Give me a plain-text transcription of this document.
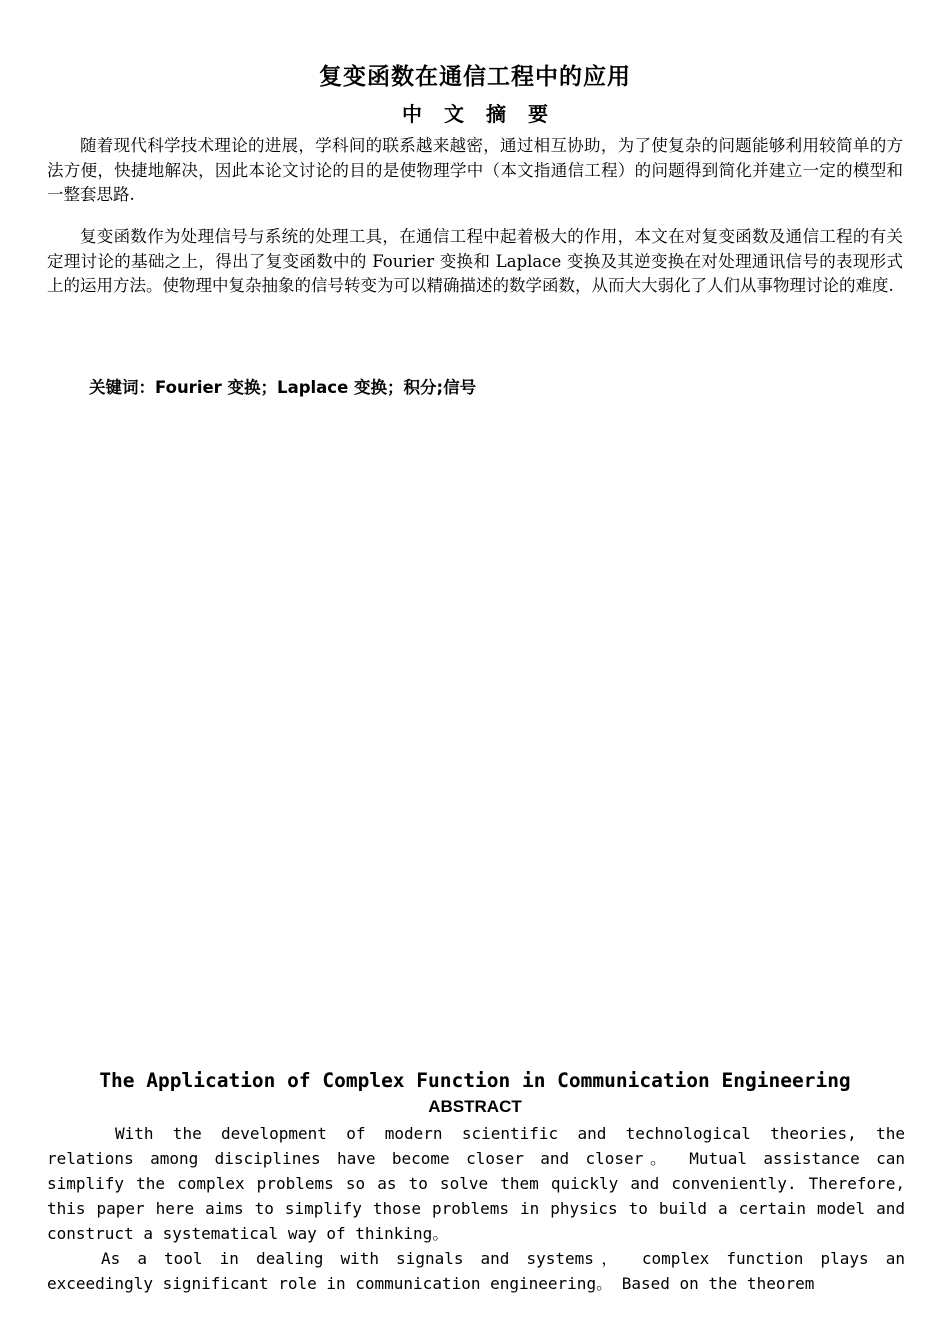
复变函数在通信工程中的应用
中文摘要

随着现代科学技术理论的进展，学科间的联系越来越密，通过相互协助，为了使复杂的问题能够利用较简单的方法方便，快捷地解决，因此本论文讨论的目的是使物理学中（本文指通信工程）的问题得到简化并建立一定的模型和一整套思路.

复变函数作为处理信号与系统的处理工具，在通信工程中起着极大的作用，本文在对复变函数及通信工程的有关定理讨论的基础之上，得出了复变函数中的 Fourier 变换和 Laplace 变换及其逆变换在对处理通讯信号的表现形式上的运用方法。使物理中复杂抽象的信号转变为可以精确描述的数学函数，从而大大弱化了人们从事物理讨论的难度.

关键词：Fourier 变换；Laplace 变换；积分;信号
The Application of Complex Function in Communication Engineering
ABSTRACT

With the development of modern scientific and technological theories, the relations among disciplines have become closer and closer。 Mutual assistance can simplify the complex problems so as to solve them quickly and conveniently. Therefore, this paper here aims to simplify those problems in physics to build a certain model and construct a systematical way of thinking。

As a tool in dealing with signals and systems， complex function plays an exceedingly significant role in communication engineering。 Based on the theorem
